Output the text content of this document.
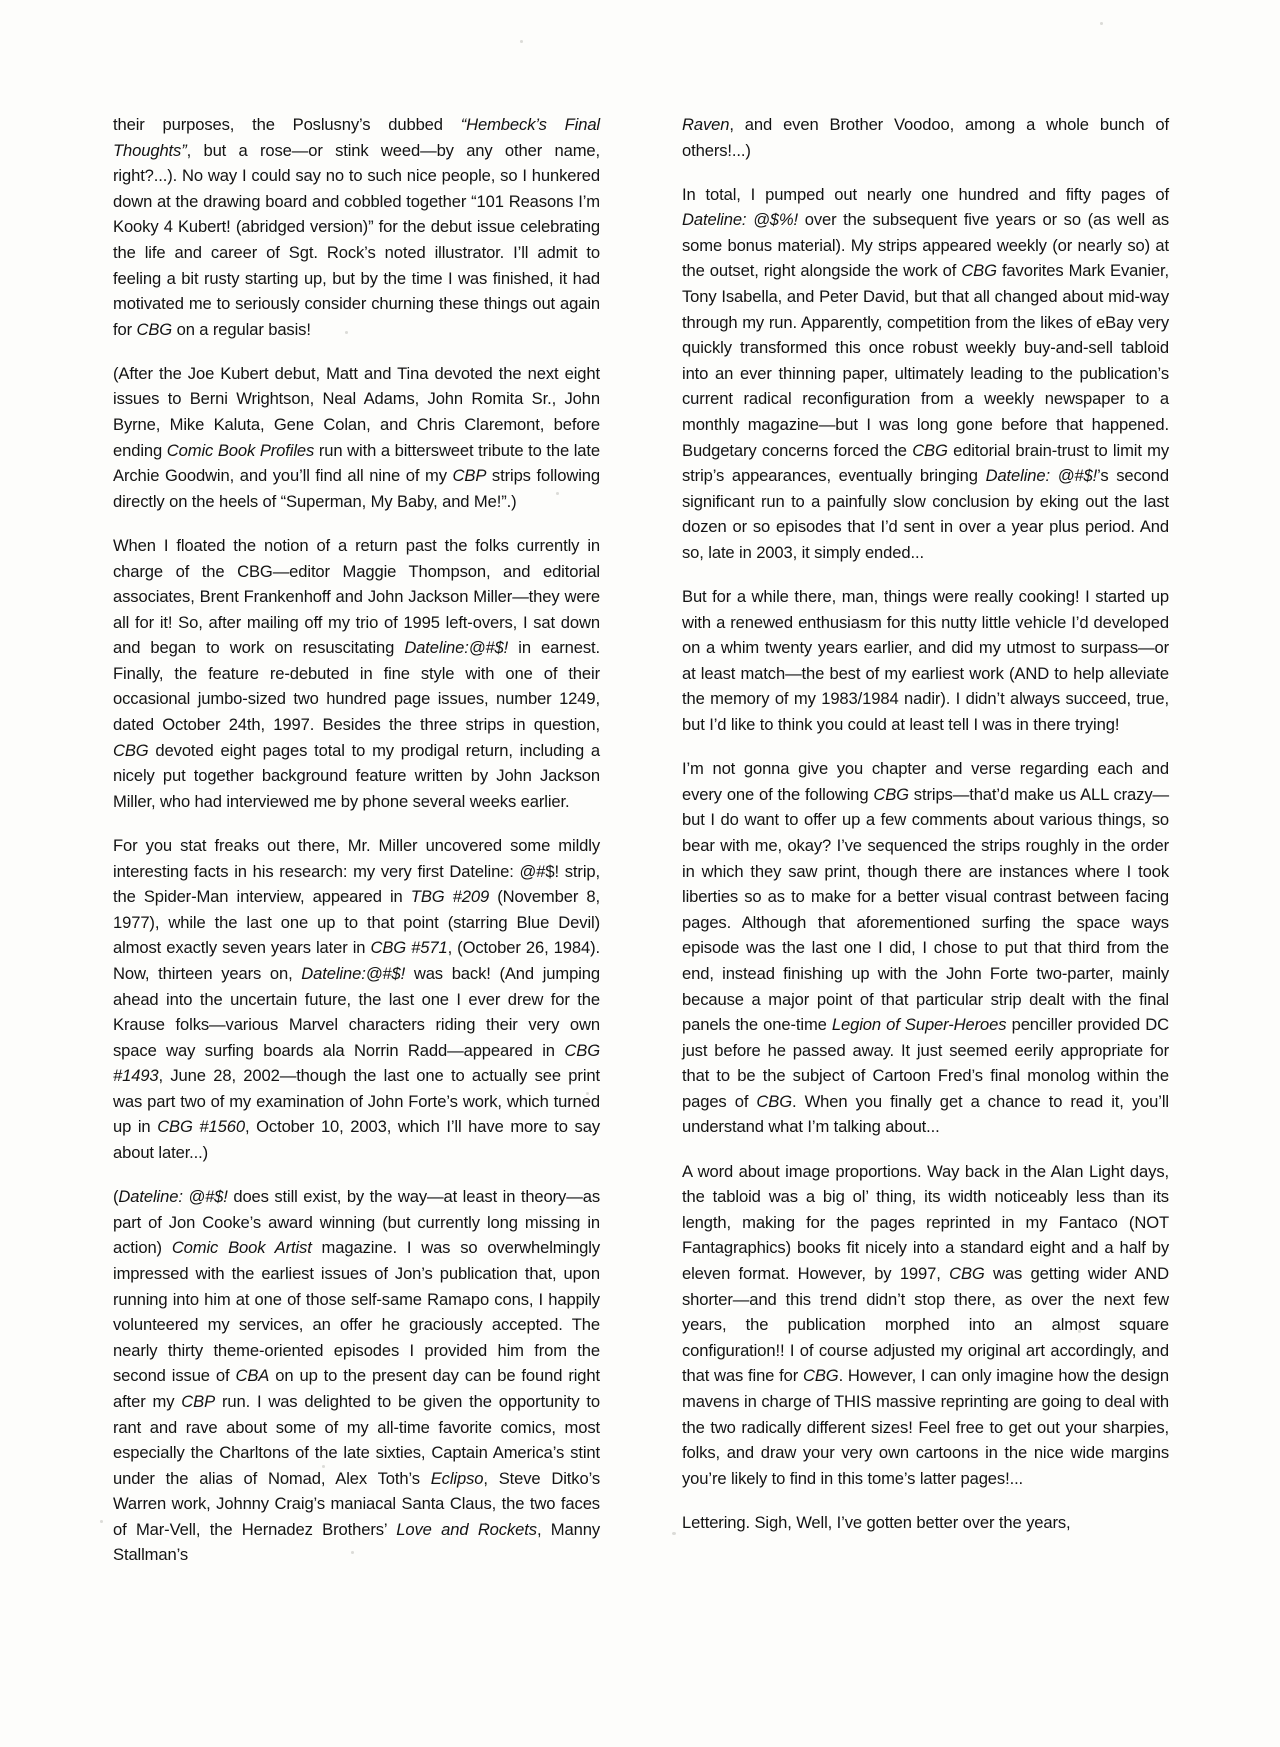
their purposes, the Poslusny’s dubbed “Hembeck’s Final Thoughts”, but a rose—or stink weed—by any other name, right?...). No way I could say no to such nice people, so I hunkered down at the drawing board and cobbled together “101 Reasons I’m Kooky 4 Kubert! (abridged version)” for the debut issue celebrating the life and career of Sgt. Rock’s noted illustrator. I’ll admit to feeling a bit rusty starting up, but by the time I was finished, it had motivated me to seriously consider churning these things out again for CBG on a regular basis!

(After the Joe Kubert debut, Matt and Tina devoted the next eight issues to Berni Wrightson, Neal Adams, John Romita Sr., John Byrne, Mike Kaluta, Gene Colan, and Chris Claremont, before ending Comic Book Profiles run with a bittersweet tribute to the late Archie Goodwin, and you’ll find all nine of my CBP strips following directly on the heels of “Superman, My Baby, and Me!”.)

When I floated the notion of a return past the folks currently in charge of the CBG—editor Maggie Thompson, and editorial associates, Brent Frankenhoff and John Jackson Miller—they were all for it! So, after mailing off my trio of 1995 left-overs, I sat down and began to work on resuscitating Dateline:@#$! in earnest. Finally, the feature re-debuted in fine style with one of their occasional jumbo-sized two hundred page issues, number 1249, dated October 24th, 1997. Besides the three strips in question, CBG devoted eight pages total to my prodigal return, including a nicely put together background feature written by John Jackson Miller, who had interviewed me by phone several weeks earlier.

For you stat freaks out there, Mr. Miller uncovered some mildly interesting facts in his research: my very first Dateline: @#$! strip, the Spider-Man interview, appeared in TBG #209 (November 8, 1977), while the last one up to that point (starring Blue Devil) almost exactly seven years later in CBG #571, (October 26, 1984). Now, thirteen years on, Dateline:@#$! was back! (And jumping ahead into the uncertain future, the last one I ever drew for the Krause folks—various Marvel characters riding their very own space way surfing boards ala Norrin Radd—appeared in CBG #1493, June 28, 2002—though the last one to actually see print was part two of my examination of John Forte’s work, which turned up in CBG #1560, October 10, 2003, which I’ll have more to say about later...)

(Dateline: @#$! does still exist, by the way—at least in theory—as part of Jon Cooke’s award winning (but currently long missing in action) Comic Book Artist magazine. I was so overwhelmingly impressed with the earliest issues of Jon’s publication that, upon running into him at one of those self-same Ramapo cons, I happily volunteered my services, an offer he graciously accepted. The nearly thirty theme-oriented episodes I provided him from the second issue of CBA on up to the present day can be found right after my CBP run. I was delighted to be given the opportunity to rant and rave about some of my all-time favorite comics, most especially the Charltons of the late sixties, Captain America’s stint under the alias of Nomad, Alex Toth’s Eclipso, Steve Ditko’s Warren work, Johnny Craig’s maniacal Santa Claus, the two faces of Mar-Vell, the Hernadez Brothers’ Love and Rockets, Manny Stallman’s

Raven, and even Brother Voodoo, among a whole bunch of others!...)

In total, I pumped out nearly one hundred and fifty pages of Dateline: @$%! over the subsequent five years or so (as well as some bonus material). My strips appeared weekly (or nearly so) at the outset, right alongside the work of CBG favorites Mark Evanier, Tony Isabella, and Peter David, but that all changed about mid-way through my run. Apparently, competition from the likes of eBay very quickly transformed this once robust weekly buy-and-sell tabloid into an ever thinning paper, ultimately leading to the publication’s current radical reconfiguration from a weekly newspaper to a monthly magazine—but I was long gone before that happened. Budgetary concerns forced the CBG editorial brain-trust to limit my strip’s appearances, eventually bringing Dateline: @#$!’s second significant run to a painfully slow conclusion by eking out the last dozen or so episodes that I’d sent in over a year plus period. And so, late in 2003, it simply ended...

But for a while there, man, things were really cooking! I started up with a renewed enthusiasm for this nutty little vehicle I’d developed on a whim twenty years earlier, and did my utmost to surpass—or at least match—the best of my earliest work (AND to help alleviate the memory of my 1983/1984 nadir). I didn’t always succeed, true, but I’d like to think you could at least tell I was in there trying!

I’m not gonna give you chapter and verse regarding each and every one of the following CBG strips—that’d make us ALL crazy—but I do want to offer up a few comments about various things, so bear with me, okay? I’ve sequenced the strips roughly in the order in which they saw print, though there are instances where I took liberties so as to make for a better visual contrast between facing pages. Although that aforementioned surfing the space ways episode was the last one I did, I chose to put that third from the end, instead finishing up with the John Forte two-parter, mainly because a major point of that particular strip dealt with the final panels the one-time Legion of Super-Heroes penciller provided DC just before he passed away. It just seemed eerily appropriate for that to be the subject of Cartoon Fred’s final monolog within the pages of CBG. When you finally get a chance to read it, you’ll understand what I’m talking about...

A word about image proportions. Way back in the Alan Light days, the tabloid was a big ol’ thing, its width noticeably less than its length, making for the pages reprinted in my Fantaco (NOT Fantagraphics) books fit nicely into a standard eight and a half by eleven format. However, by 1997, CBG was getting wider AND shorter—and this trend didn’t stop there, as over the next few years, the publication morphed into an almost square configuration!! I of course adjusted my original art accordingly, and that was fine for CBG. However, I can only imagine how the design mavens in charge of THIS massive reprinting are going to deal with the two radically different sizes! Feel free to get out your sharpies, folks, and draw your very own cartoons in the nice wide margins you’re likely to find in this tome’s latter pages!...

Lettering. Sigh, Well, I’ve gotten better over the years,
